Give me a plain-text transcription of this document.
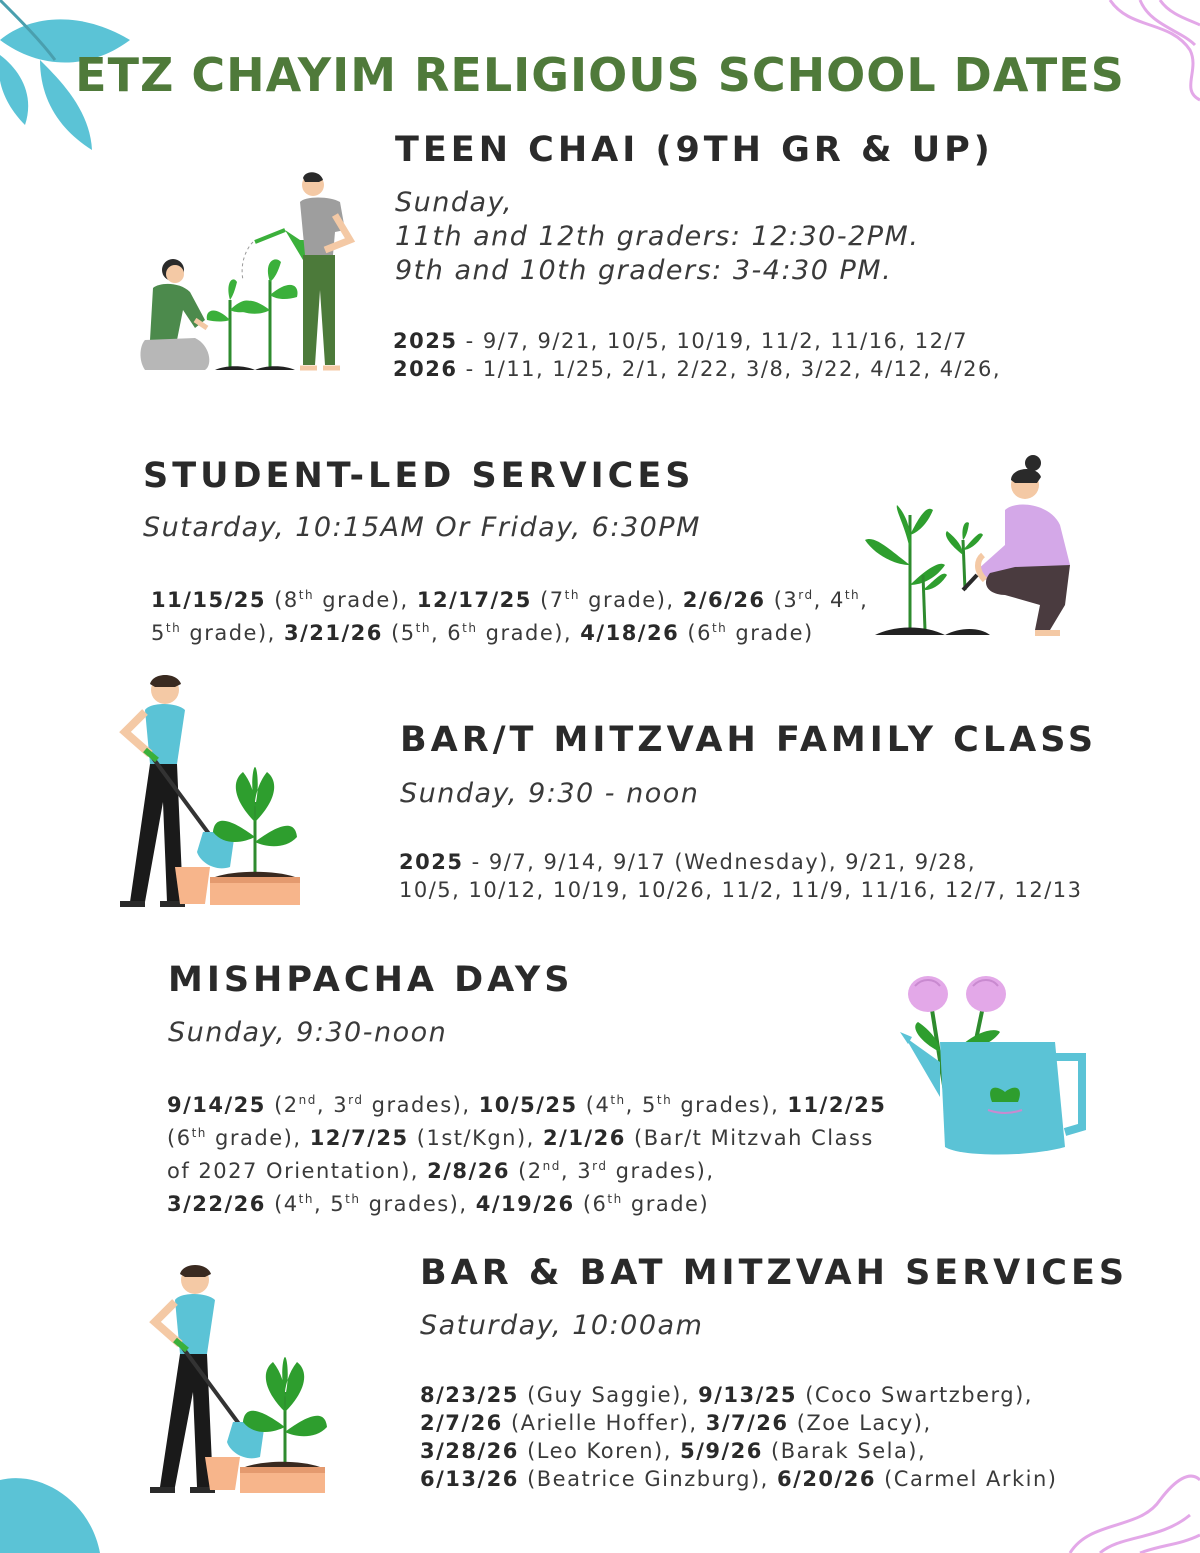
ETZ CHAYIM RELIGIOUS SCHOOL DATES
TEEN CHAI (9TH GR & UP)
Sunday,
11th and 12th graders: 12:30-2PM.
9th and 10th graders: 3-4:30 PM.
2025 - 9/7, 9/21, 10/5, 10/19, 11/2, 11/16, 12/7
2026 - 1/11, 1/25, 2/1, 2/22, 3/8, 3/22, 4/12, 4/26,
STUDENT-LED SERVICES
Sutarday, 10:15AM Or Friday, 6:30PM
11/15/25 (8th grade), 12/17/25 (7th grade), 2/6/26 (3rd, 4th,
5th grade), 3/21/26 (5th, 6th grade), 4/18/26 (6th grade)
BAR/T MITZVAH FAMILY CLASS
Sunday, 9:30 - noon
2025 - 9/7, 9/14, 9/17 (Wednesday), 9/21, 9/28,
10/5, 10/12, 10/19, 10/26, 11/2, 11/9, 11/16, 12/7, 12/13
MISHPACHA DAYS
Sunday, 9:30-noon
9/14/25 (2nd, 3rd grades), 10/5/25 (4th, 5th grades), 11/2/25
(6th grade), 12/7/25 (1st/Kgn), 2/1/26 (Bar/t Mitzvah Class
of 2027 Orientation), 2/8/26 (2nd, 3rd grades),
3/22/26 (4th, 5th grades), 4/19/26 (6th grade)
BAR & BAT MITZVAH SERVICES
Saturday, 10:00am
8/23/25 (Guy Saggie), 9/13/25 (Coco Swartzberg),
2/7/26 (Arielle Hoffer), 3/7/26 (Zoe Lacy),
3/28/26 (Leo Koren), 5/9/26 (Barak Sela),
6/13/26 (Beatrice Ginzburg), 6/20/26 (Carmel Arkin)
